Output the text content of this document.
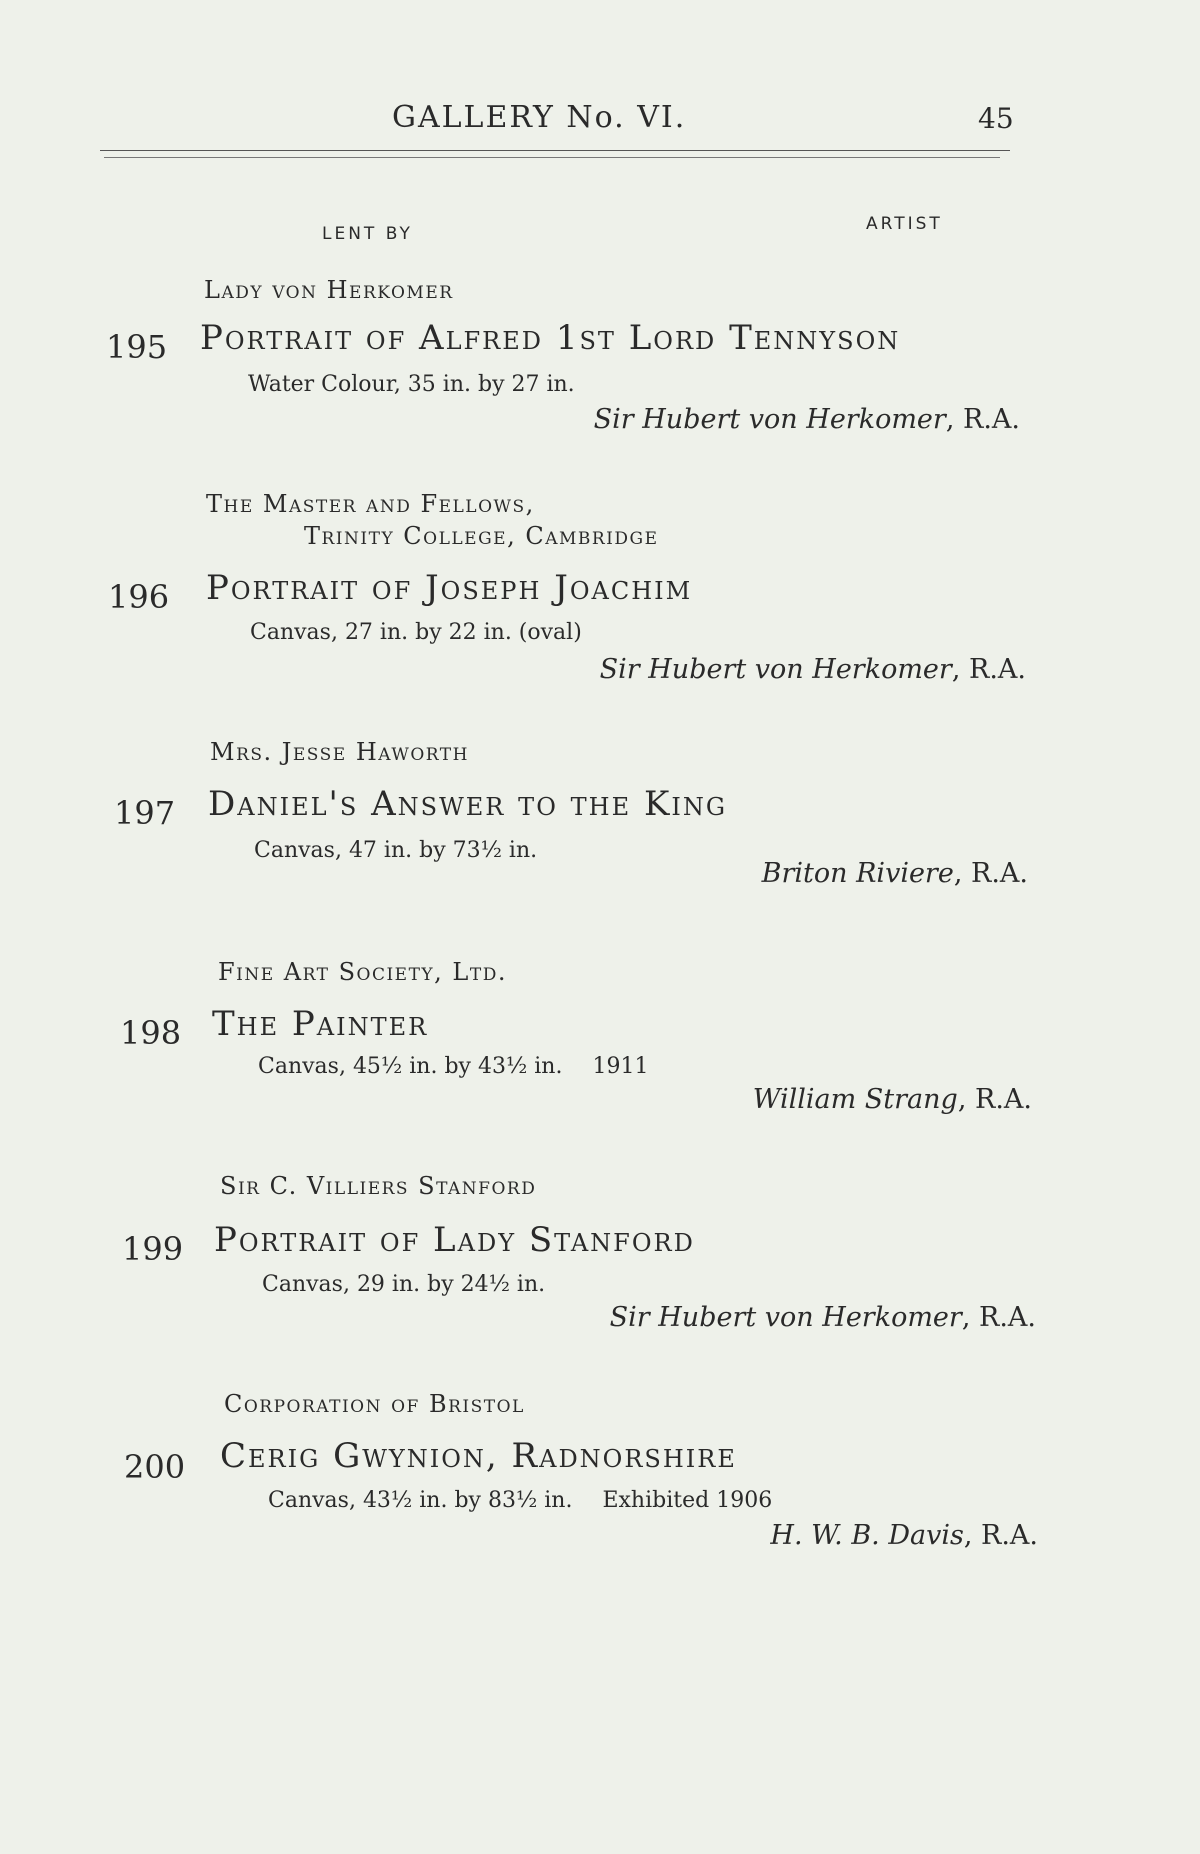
GALLERY No. VI.	45
LENT BY	ARTIST
Lady von Herkomer
195 Portrait of Alfred 1st Lord Tennyson
Water Colour, 35 in. by 27 in.
Sir Hubert von Herkomer, R.A.
The Master and Fellows,
Trinity College, Cambridge
196 Portrait of Joseph Joachim
Canvas, 27 in. by 22 in. (oval)
Sir Hubert von Herkomer, R.A.
Mrs. Jesse Haworth
197 Daniel's Answer to the King
Canvas, 47 in. by 73½ in.
Briton Riviere, R.A.
Fine Art Society, Ltd.
198 The Painter
Canvas, 45½ in. by 43½ in. 1911
William Strang, R.A.
Sir C. Villiers Stanford
199 Portrait of Lady Stanford
Canvas, 29 in. by 24½ in.
Sir Hubert von Herkomer, R.A.
Corporation of Bristol
200 Cerig Gwynion, Radnorshire
Canvas, 43½ in. by 83½ in. Exhibited 1906
H. W. B. Davis, R.A.
